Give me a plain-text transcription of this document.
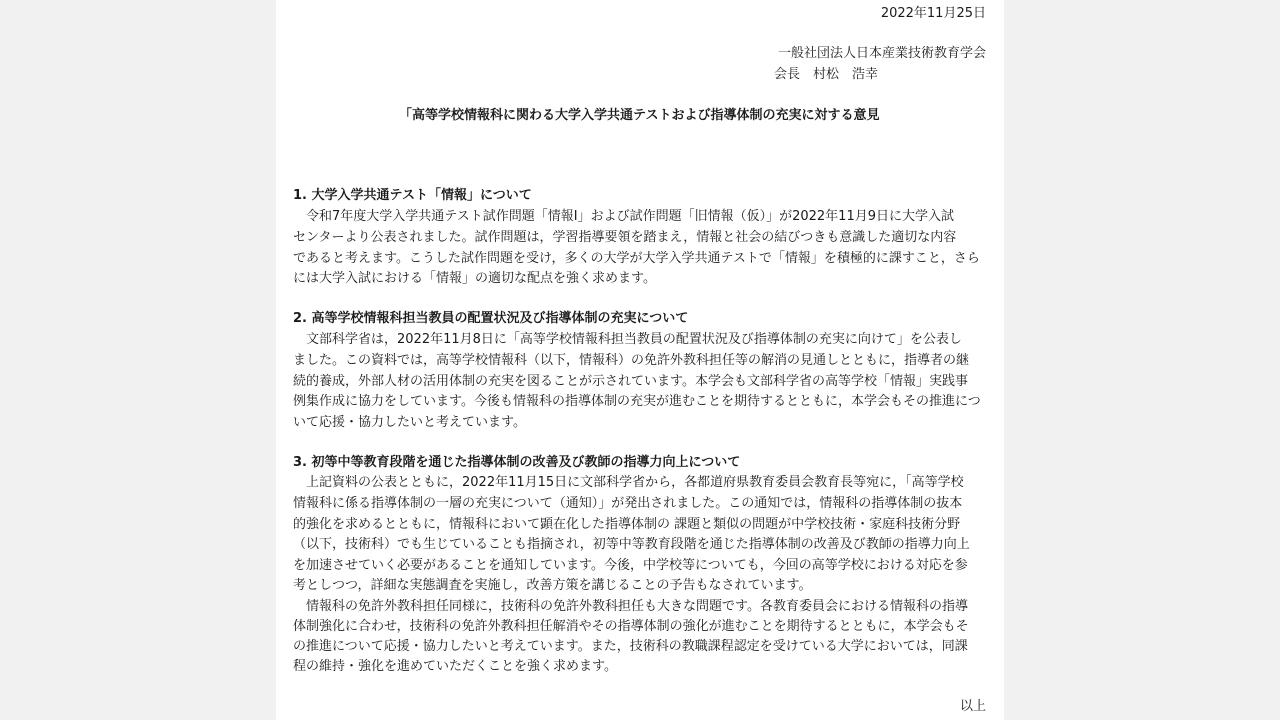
2022年11月25日
一般社団法人日本産業技術教育学会
会長　村松　浩幸
「高等学校情報科に関わる大学入学共通テストおよび指導体制の充実に対する意見
1. 大学入学共通テスト「情報」について
　令和7年度大学入学共通テスト試作問題「情報Ⅰ」および試作問題「旧情報（仮）」が2022年11月9日に大学入試
センターより公表されました。試作問題は，学習指導要領を踏まえ，情報と社会の結びつきも意識した適切な内容
であると考えます。こうした試作問題を受け，多くの大学が大学入学共通テストで「情報」を積極的に課すこと，さら
には大学入試における「情報」の適切な配点を強く求めます。
2. 高等学校情報科担当教員の配置状況及び指導体制の充実について
　文部科学省は，2022年11月8日に「高等学校情報科担当教員の配置状況及び指導体制の充実に向けて」を公表し
ました。この資料では，高等学校情報科（以下，情報科）の免許外教科担任等の解消の見通しとともに，指導者の継
続的養成，外部人材の活用体制の充実を図ることが示されています。本学会も文部科学省の高等学校「情報」実践事
例集作成に協力をしています。今後も情報科の指導体制の充実が進むことを期待するとともに，本学会もその推進につ
いて応援・協力したいと考えています。
3. 初等中等教育段階を通じた指導体制の改善及び教師の指導力向上について
　上記資料の公表とともに，2022年11月15日に文部科学省から，各都道府県教育委員会教育長等宛に，「高等学校
情報科に係る指導体制の一層の充実について（通知）」が発出されました。この通知では，情報科の指導体制の抜本
的強化を求めるとともに，情報科において顕在化した指導体制の 課題と類似の問題が中学校技術・家庭科技術分野
（以下，技術科）でも生じていることも指摘され，初等中等教育段階を通じた指導体制の改善及び教師の指導力向上
を加速させていく必要があることを通知しています。今後，中学校等についても，今回の高等学校における対応を参
考としつつ，詳細な実態調査を実施し，改善方策を講じることの予告もなされています。
　情報科の免許外教科担任同様に，技術科の免許外教科担任も大きな問題です。各教育委員会における情報科の指導
体制強化に合わせ，技術科の免許外教科担任解消やその指導体制の強化が進むことを期待するとともに，本学会もそ
の推進について応援・協力したいと考えています。また，技術科の教職課程認定を受けている大学においては，同課
程の維持・強化を進めていただくことを強く求めます。
以上
